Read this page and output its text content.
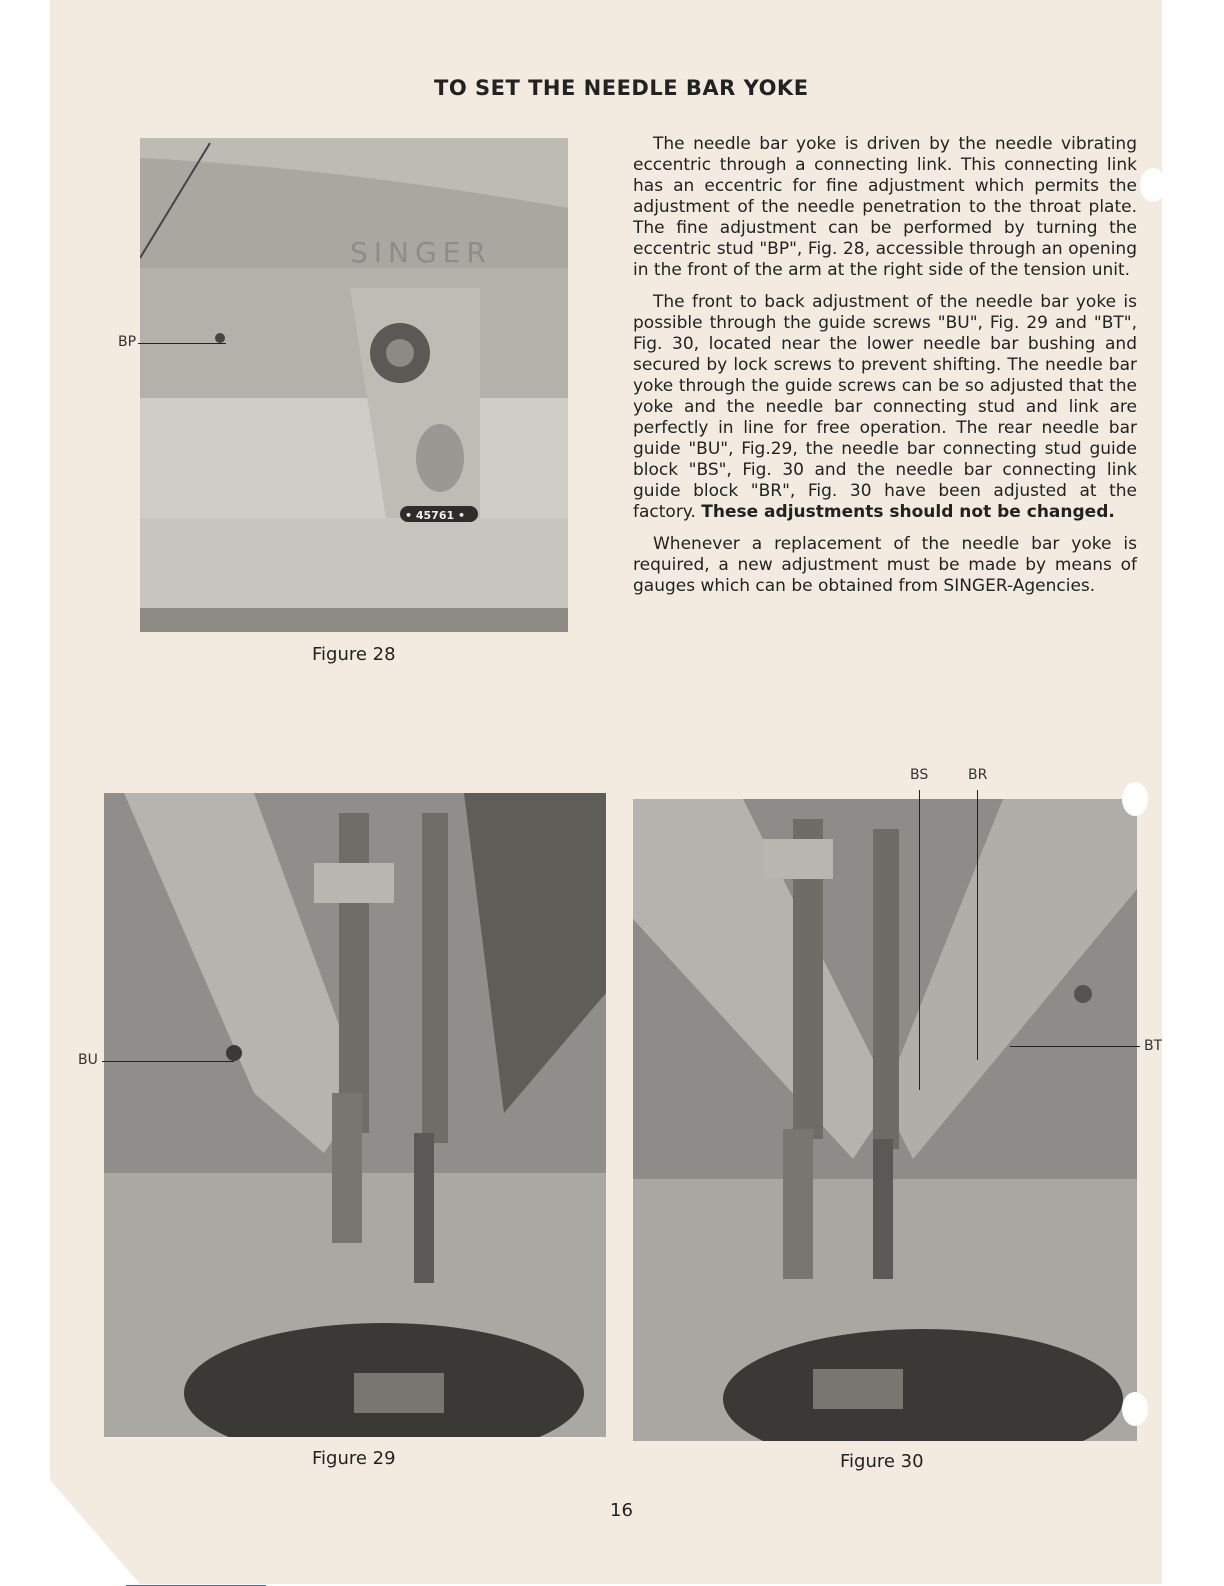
TO SET THE NEEDLE BAR YOKE
SINGER
• 45761 •
BP
Figure 28

The needle bar yoke is driven by the needle vibrating eccentric through a connecting link. This connecting link has an eccentric for fine adjustment which permits the adjustment of the needle penetration to the throat plate. The fine adjustment can be performed by turning the eccentric stud "BP", Fig. 28, accessible through an opening in the front of the arm at the right side of the tension unit.

The front to back adjustment of the needle bar yoke is possible through the guide screws "BU", Fig. 29 and "BT", Fig. 30, located near the lower needle bar bushing and secured by lock screws to prevent shifting. The needle bar yoke through the guide screws can be so adjusted that the yoke and the needle bar connecting stud and link are perfectly in line for free operation. The rear needle bar guide "BU", Fig.29, the needle bar connecting stud guide block "BS", Fig. 30 and the needle bar connecting link guide block "BR", Fig. 30 have been adjusted at the factory. These adjustments should not be changed.

Whenever a replacement of the needle bar yoke is required, a new adjustment must be made by means of gauges which can be obtained from SINGER-Agencies.

BU
Figure 29
BS	BR
BT
Figure 30
16
